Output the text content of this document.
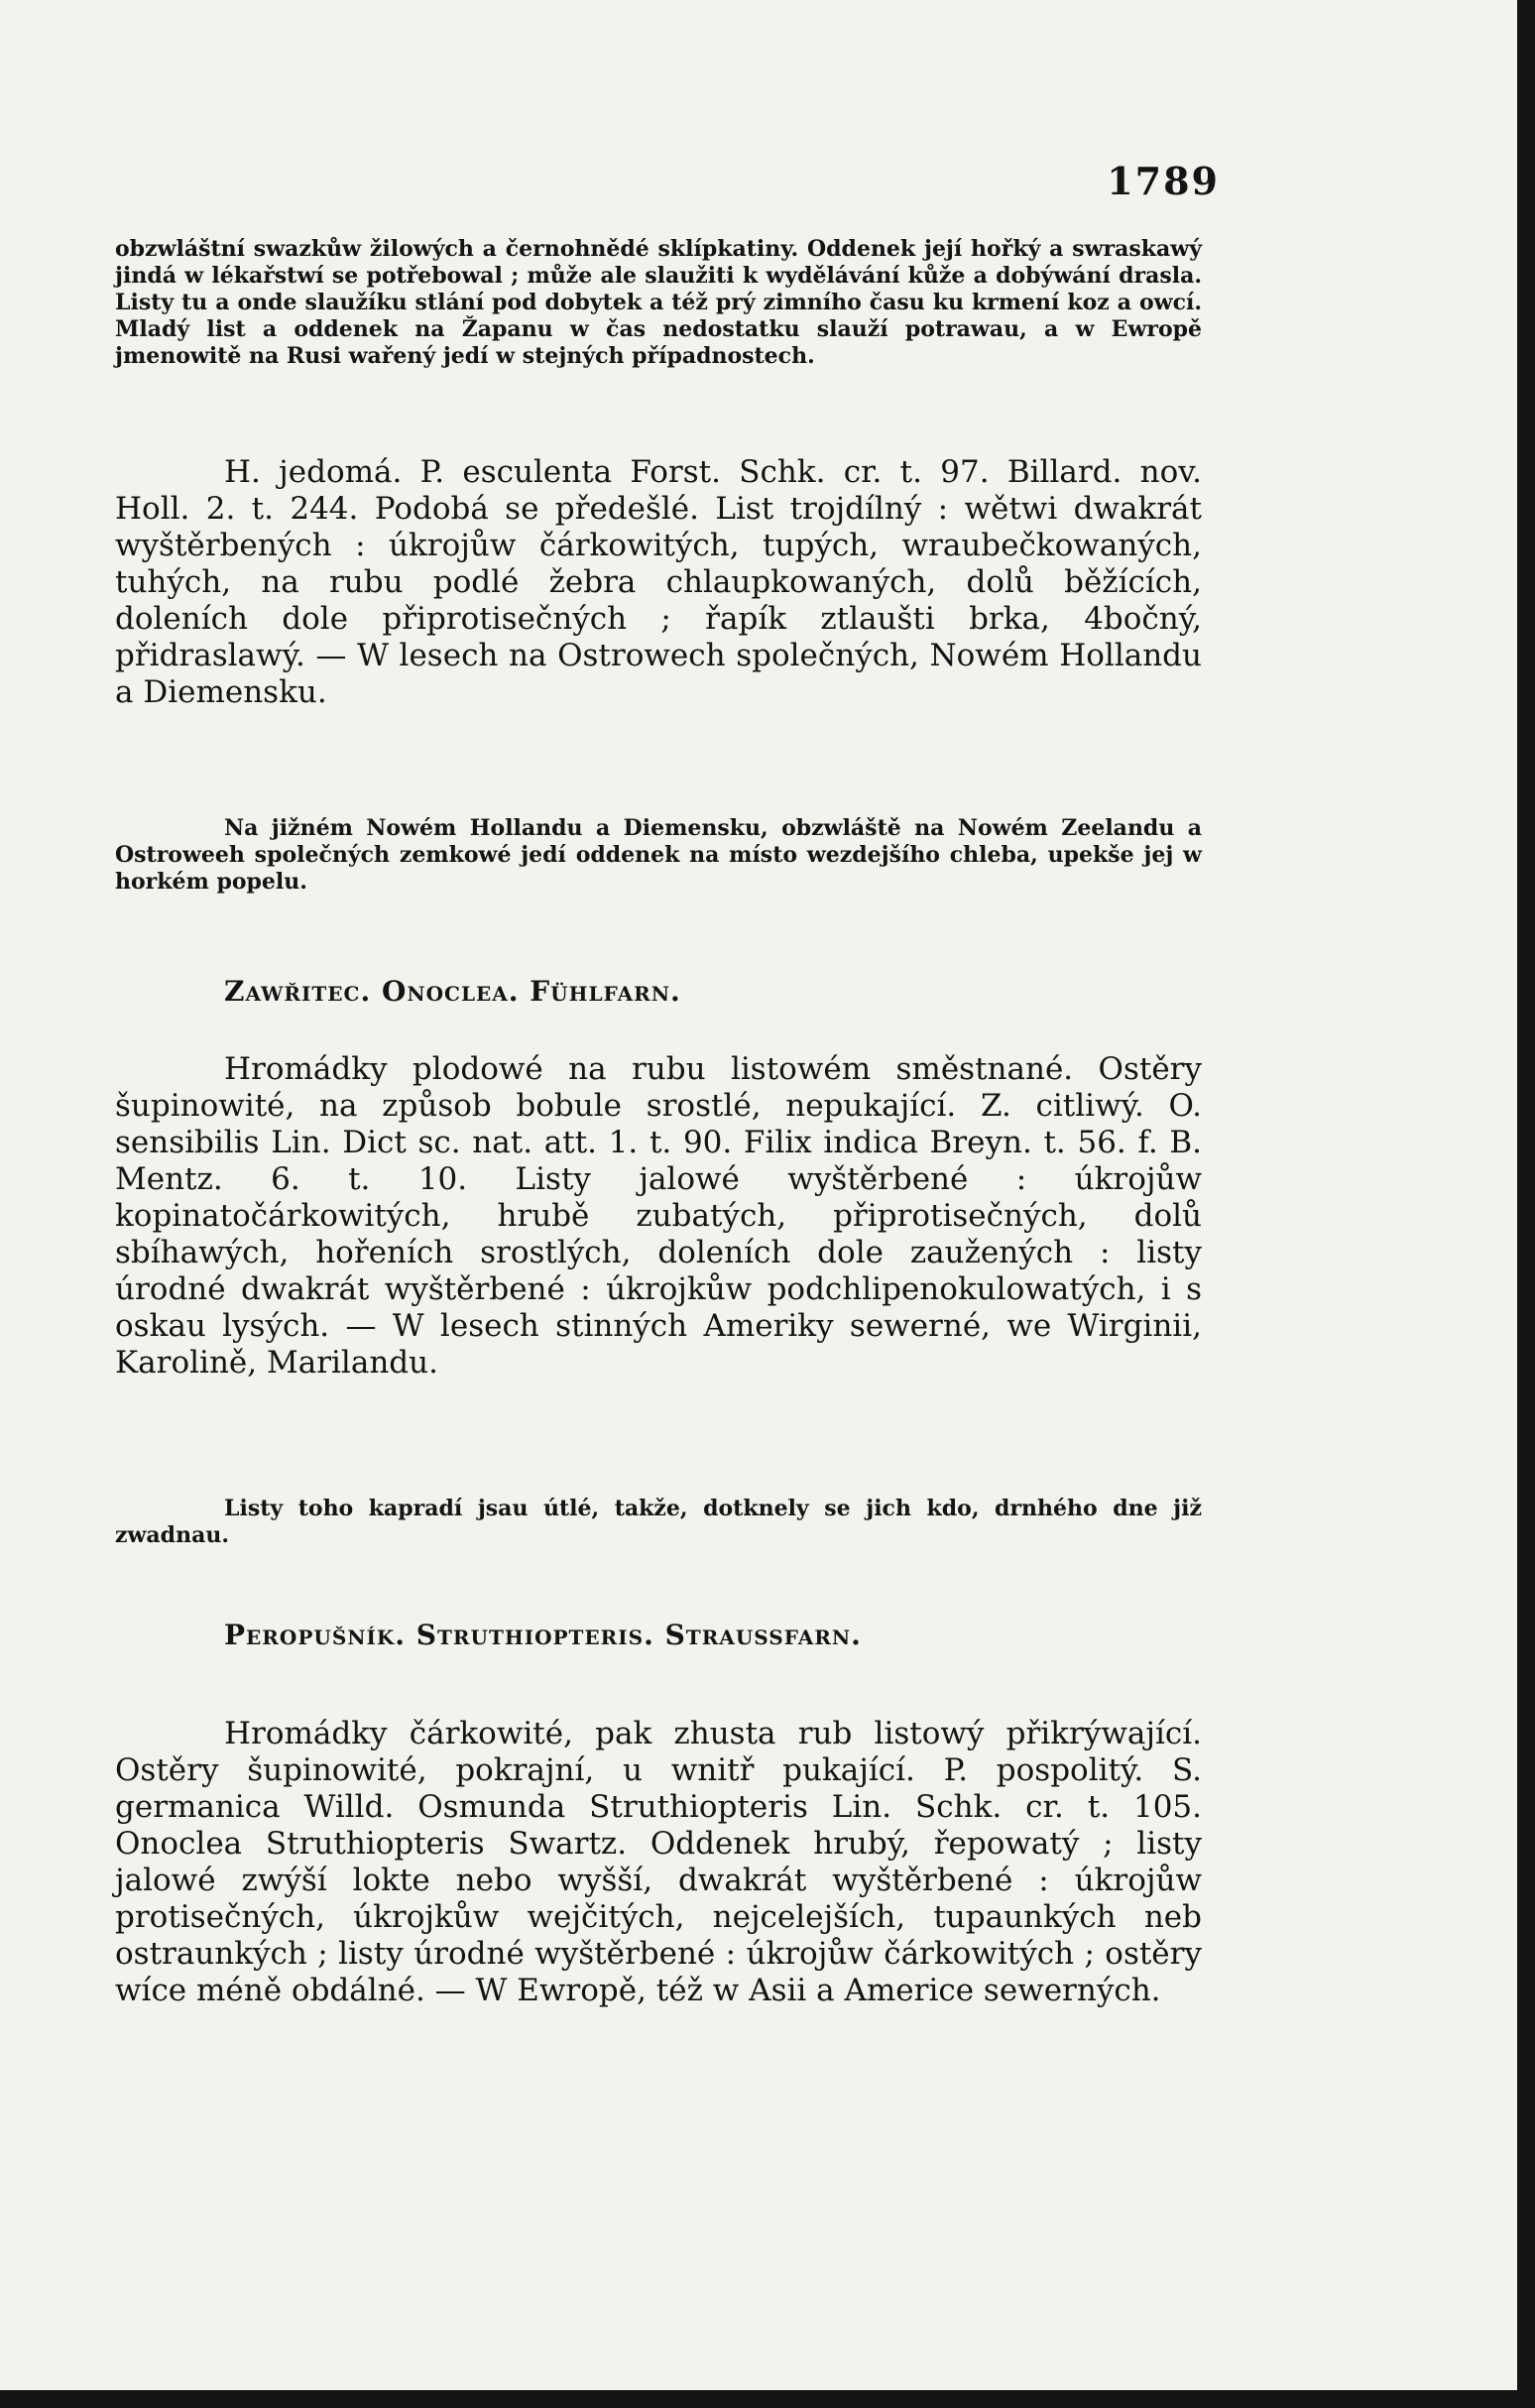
1789
obzwláštní swazkůw žilowých a černohnědé sklípkatiny. Oddenek její hořký a swraskawý jindá w lékařstwí se potřebowal ; může ale slaužiti k wydělávání kůže a dobýwání drasla. Listy tu a onde slaužíku stlání pod dobytek a též prý zimního času ku krmení koz a owcí. Mladý list a oddenek na Žapanu w čas nedostatku slauží potrawau, a w Ewropě jmenowitě na Rusi wařený jedí w stejných případnostech.
H. jedomá. P. esculenta Forst. Schk. cr. t. 97. Billard. nov. Holl. 2. t. 244. Podobá se předešlé. List trojdílný : wětwi dwakrát wyštěrbených : úkrojůw čárkowitých, tupých, wraubečkowaných, tuhých, na rubu podlé žebra chlaupkowaných, dolů běžících, doleních dole připrotisečných ; řapík ztlaušti brka, 4bočný, přidraslawý. — W lesech na Ostrowech společných, Nowém Hollandu a Diemensku.
Na jižném Nowém Hollandu a Diemensku, obzwláště na Nowém Zeelandu a Ostroweeh společných zemkowé jedí oddenek na místo wezdejšího chleba, upekše jej w horkém popelu.
Zawřitec. Onoclea. Fühlfarn.
Hromádky plodowé na rubu listowém směstnané. Ostěry šupinowité, na způsob bobule srostlé, nepukající. Z. citliwý. O. sensibilis Lin. Dict sc. nat. att. 1. t. 90. Filix indica Breyn. t. 56. f. B. Mentz. 6. t. 10. Listy jalowé wyštěrbené : úkrojůw kopinatočárkowitých, hrubě zubatých, připrotisečných, dolů sbíhawých, hořeních srostlých, doleních dole zaužených : listy úrodné dwakrát wyštěrbené : úkrojkůw podchlipenokulowatých, i s oskau lysých. — W lesech stinných Ameriky sewerné, we Wirginii, Karolině, Marilandu.
Listy toho kapradí jsau útlé, takže, dotknely se jich kdo, drnhého dne již zwadnau.
Peropušník. Struthiopteris. Straussfarn.
Hromádky čárkowité, pak zhusta rub listowý přikrýwající. Ostěry šupinowité, pokrajní, u wnitř pukající. P. pospolitý. S. germanica Willd. Osmunda Struthiopteris Lin. Schk. cr. t. 105. Onoclea Struthiopteris Swartz. Oddenek hrubý, řepowatý ; listy jalowé zwýší lokte nebo wyšší, dwakrát wyštěrbené : úkrojůw protisečných, úkrojkůw wejčitých, nejcelejších, tupaunkých neb ostraunkých ; listy úrodné wyštěrbené : úkrojůw čárkowitých ; ostěry wíce méně obdálné. — W Ewropě, též w Asii a Americe sewerných.
